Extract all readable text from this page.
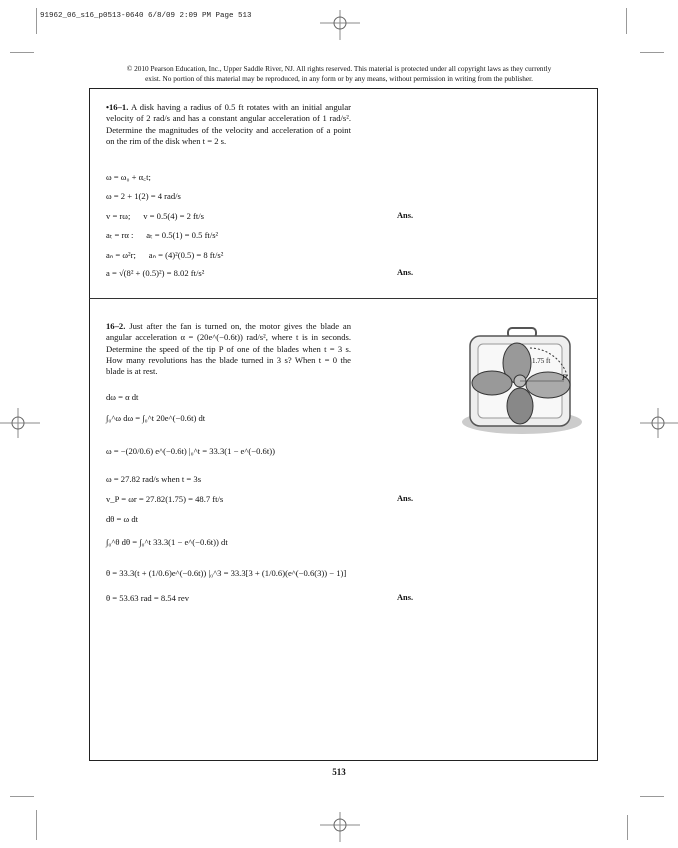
91962_06_s16_p0513-0640 6/8/09 2:09 PM Page 513
© 2010 Pearson Education, Inc., Upper Saddle River, NJ. All rights reserved. This material is protected under all copyright laws as they currently
exist. No portion of this material may be reproduced, in any form or by any means, without permission in writing from the publisher.
•16–1. A disk having a radius of 0.5 ft rotates with an initial angular velocity of 2 rad/s and has a constant angular acceleration of 1 rad/s². Determine the magnitudes of the velocity and acceleration of a point on the rim of the disk when t = 2 s.
ω = ω₀ + α꜀t;
ω = 2 + 1(2) = 4 rad/s
v = rω;      v = 0.5(4) = 2 ft/s	Ans.
aₜ = rα :      aₜ = 0.5(1) = 0.5 ft/s²
aₙ = ω²r;      aₙ = (4)²(0.5) = 8 ft/s²
a = √(8² + (0.5)²) = 8.02 ft/s²	Ans.
16–2. Just after the fan is turned on, the motor gives the blade an angular acceleration α = (20e^(−0.6t)) rad/s², where t is in seconds. Determine the speed of the tip P of one of the blades when t = 3 s. How many revolutions has the blade turned in 3 s? When t = 0 the blade is at rest.
1.75 ft
P
dω = α dt
∫₀^ω dω = ∫₀^t 20e^(−0.6t) dt
ω = −(20/0.6) e^(−0.6t) |₀^t = 33.3(1 − e^(−0.6t))
ω = 27.82 rad/s when t = 3s
v_P = ωr = 27.82(1.75) = 48.7 ft/s	Ans.
dθ = ω dt
∫₀^θ dθ = ∫₀^t 33.3(1 − e^(−0.6t)) dt
θ = 33.3(t + (1/0.6)e^(−0.6t)) |₀^3 = 33.3[3 + (1/0.6)(e^(−0.6(3)) − 1)]
θ = 53.63 rad = 8.54 rev	Ans.
513
